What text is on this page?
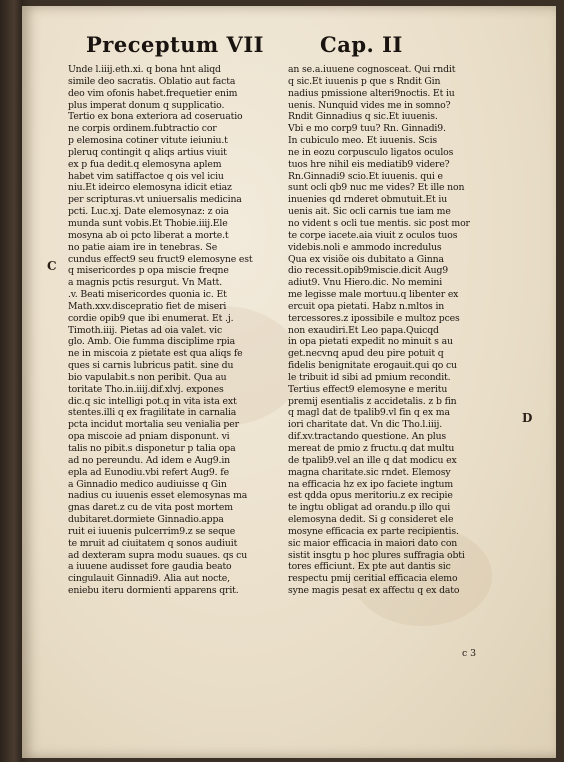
Preceptum VII	Cap. II
C
D
Unde l.iiij.eth.xi. q bona hnt aliqd
simile deo sacratis. Oblatio aut facta
deo vim ofonis habet.frequetier enim
plus imperat donum q supplicatio.
Tertio ex bona exteriora ad coseruatio
ne corpis ordinem.fubtractio cor
p elemosina cotiner vitute ieiuniu.t
pleruq contingit q aliqs artius viuit
ex p fua dedit.q elemosyna aplem
habet vim satiffactoe q ois vel iciu
niu.Et ideirco elemosyna idicit etiaz
per scripturas.vt uniuersalis medicina
pcti. Luc.xj. Date elemosynaz: z oia
munda sunt vobis.Et Thobie.iiij.Ele
mosyna ab oi pcto liberat a morte.t
no patie aiam ire in tenebras. Se
cundus effect9 seu fruct9 elemosyne est
q misericordes p opa miscie freqne
a magnis pctis resurgut. Vn Matt.
.v. Beati misericordes quonia ic. Et
Math.xxv.discepratio fiet de miseri
cordie opib9 que ibi enumerat. Et .j.
Timoth.iiij. Pietas ad oia valet. vic
glo. Amb. Oie fumma disciplime rpia
ne in miscoia z pietate est qua aliqs fe
ques si carnis lubricus patit. sine du
bio vapulabit.s non peribit. Qua au
toritate Tho.in.iiij.dif.xlvj. expones
dic.q sic intelligi pot.q in vita ista ext
stentes.illi q ex fragilitate in carnalia
pcta incidut mortalia seu venialia per
opa miscoie ad pniam disponunt. vi
talis no pibit.s disponetur p talia opa
ad no pereundu. Ad idem e Aug9.in
epla ad Eunodiu.vbi refert Aug9. fe
a Ginnadio medico audiuisse q Gin
nadius cu iuuenis esset elemosynas ma
gnas daret.z cu de vita post mortem
dubitaret.dormiete Ginnadio.appa
ruit ei iuuenis pulcerrim9.z se seque
te mruit ad ciuitatem q sonos audiuit
ad dexteram supra modu suaues. qs cu
a iuuene audisset fore gaudia beato
cingulauit Ginnadi9. Alia aut nocte,
eniebu iteru dormienti apparens qrit.
an se.a.iuuene cognosceat. Qui rndit
q sic.Et iuuenis p que s Rndit Gin
nadius pmissione alteri9noctis. Et iu
uenis. Nunquid vides me in somno?
Rndit Ginnadius q sic.Et iuuenis.
Vbi e mo corp9 tuu? Rn. Ginnadi9.
In cubiculo meo. Et iuuenis. Scis
ne in eozu corpusculo ligatos oculos
tuos hre nihil eis mediatib9 videre?
Rn.Ginnadi9 scio.Et iuuenis. qui e
sunt ocli qb9 nuc me vides? Et ille non
inuenies qd rnderet obmutuit.Et iu
uenis ait. Sic ocli carnis tue iam me
no vident s ocli tue mentis. sic post mor
te corpe iacete.aia viuit z oculos tuos
videbis.noli e ammodo incredulus
Qua ex visiõe ois dubitato a Ginna
dio recessit.opib9miscie.dicit Aug9
adiut9. Vnu Hiero.dic. No memini
me legisse male mortuu.q libenter ex
ercuit opa pietati. Habz n.mltos in
tercessores.z ipossibile e multoz pces
non exaudiri.Et Leo papa.Quicqd
in opa pietati expedit no minuit s au
get.necvnq apud deu pire potuit q
fidelis benignitate erogauit.qui qo cu
le tribuit id sibi ad pmium recondit.
Tertius effect9 elemosyne e meritu
premij esentialis z accidetalis. z b fin
q magl dat de tpalib9.vl fin q ex ma
iori charitate dat. Vn dic Tho.l.iiij.
dif.xv.tractando questione. An plus
mereat de pmio z fructu.q dat multu
de tpalib9.vel an ille q dat modicu ex
magna charitate.sic rndet. Elemosy
na efficacia hz ex ipo faciete ingtum
est qdda opus meritoriu.z ex recipie
te ingtu obligat ad orandu.p illo qui
elemosyna dedit. Si g consideret ele
mosyne efficacia ex parte recipientis.
sic maior efficacia in maiori dato con
sistit insgtu p hoc plures suffragia obti
tores efficiunt. Ex pte aut dantis sic
respectu pmij ceritial efficacia elemo
syne magis pesat ex affectu q ex dato
c 3
